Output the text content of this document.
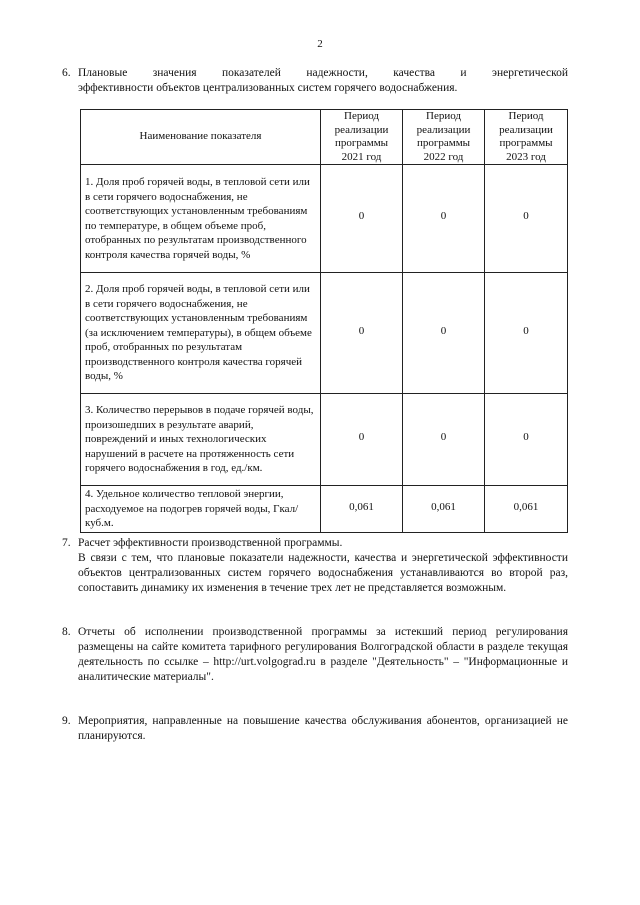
2
6. Плановые значения показателей надежности, качества и энергетической
эффективности объектов централизованных систем горячего водоснабжения.
Наименование показателя	Период реализации программы 2021 год	Период реализации программы 2022 год	Период реализации программы 2023 год
1. Доля проб горячей воды, в тепловой сети или в сети горячего водоснабжения, не соответствующих установленным требованиям по температуре, в общем объеме проб, отобранных по результатам производственного контроля качества горячей воды, %	0	0	0
2. Доля проб горячей воды, в тепловой сети или в сети горячего водоснабжения, не соответствующих установленным требованиям (за исключением температуры), в общем объеме проб, отобранных по результатам производственного контроля качества горячей воды, %	0	0	0
3. Количество перерывов в подаче горячей воды, произошедших в результате аварий, повреждений и иных технологических нарушений в расчете на протяженность сети горячего водоснабжения в год, ед./км.	0	0	0
4. Удельное количество тепловой энергии, расходуемое на подогрев горячей воды, Гкал/куб.м.	0,061	0,061	0,061
7. Расчет эффективности производственной программы.
В связи с тем, что плановые показатели надежности, качества и энергетической эффективности объектов централизованных систем горячего водоснабжения устанавливаются во второй раз, сопоставить динамику их изменения в течение трех лет не представляется возможным.
8. Отчеты об исполнении производственной программы за истекший период регулирования размещены на сайте комитета тарифного регулирования Волгоградской области в разделе текущая деятельность по ссылке – http://urt.volgograd.ru в разделе "Деятельность" – "Информационные и аналитические материалы".
9. Мероприятия, направленные на повышение качества обслуживания абонентов, организацией не планируются.
